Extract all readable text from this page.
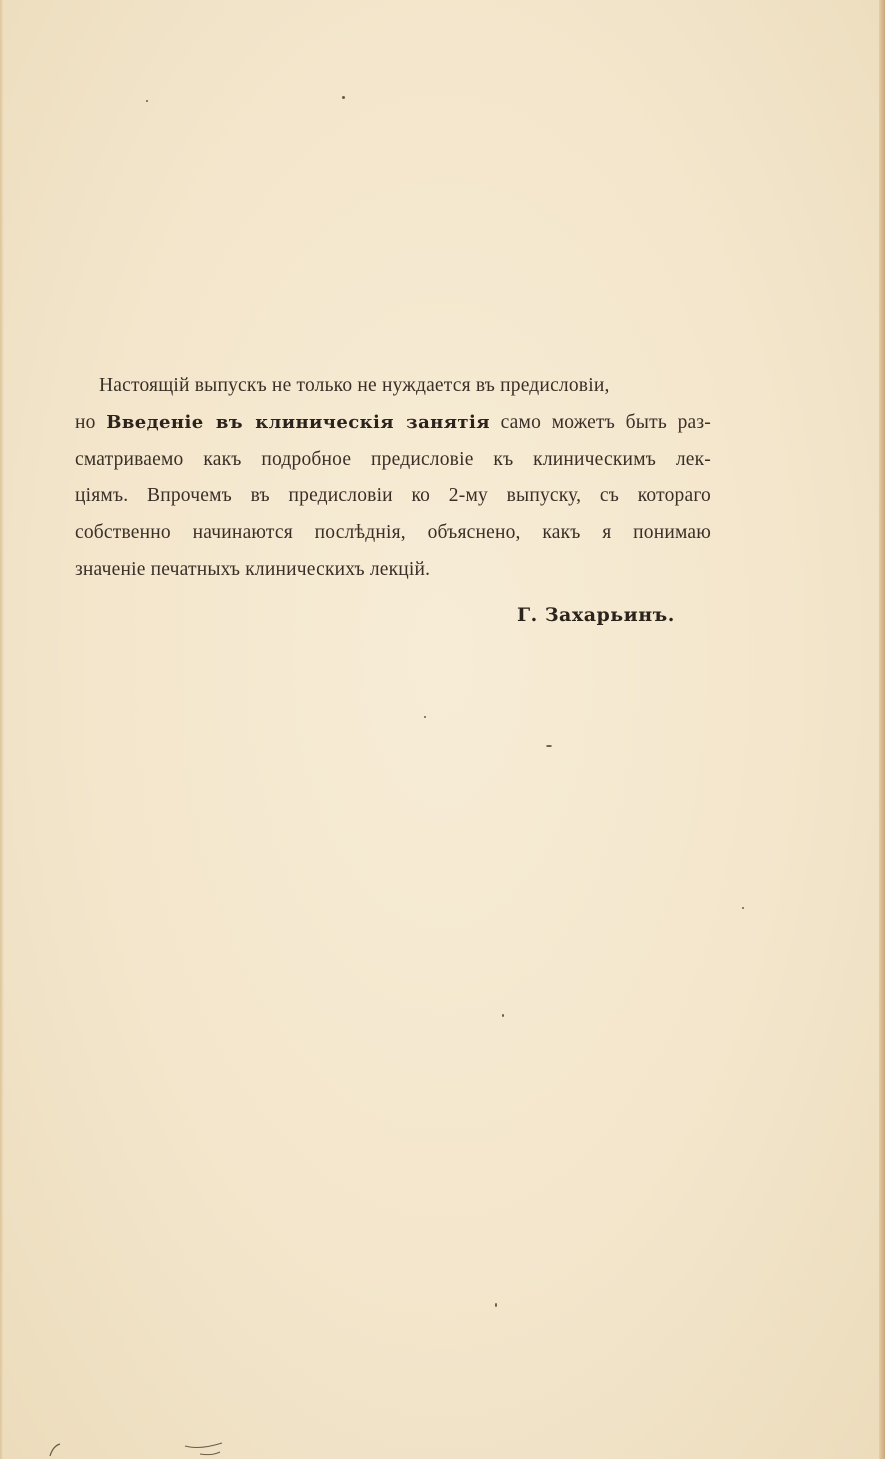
Настоящій выпускъ не только не нуждается въ предисловіи,
но Введеніе въ клиническія занятія само можетъ быть раз-
сматриваемо какъ подробное предисловіе къ клиническимъ лек-
ціямъ. Впрочемъ въ предисловіи ко 2-му выпуску, съ котораго
собственно начинаются послѣднія, объяснено, какъ я понимаю
значеніе печатныхъ клиническихъ лекцій.
Г. Захарьинъ.
